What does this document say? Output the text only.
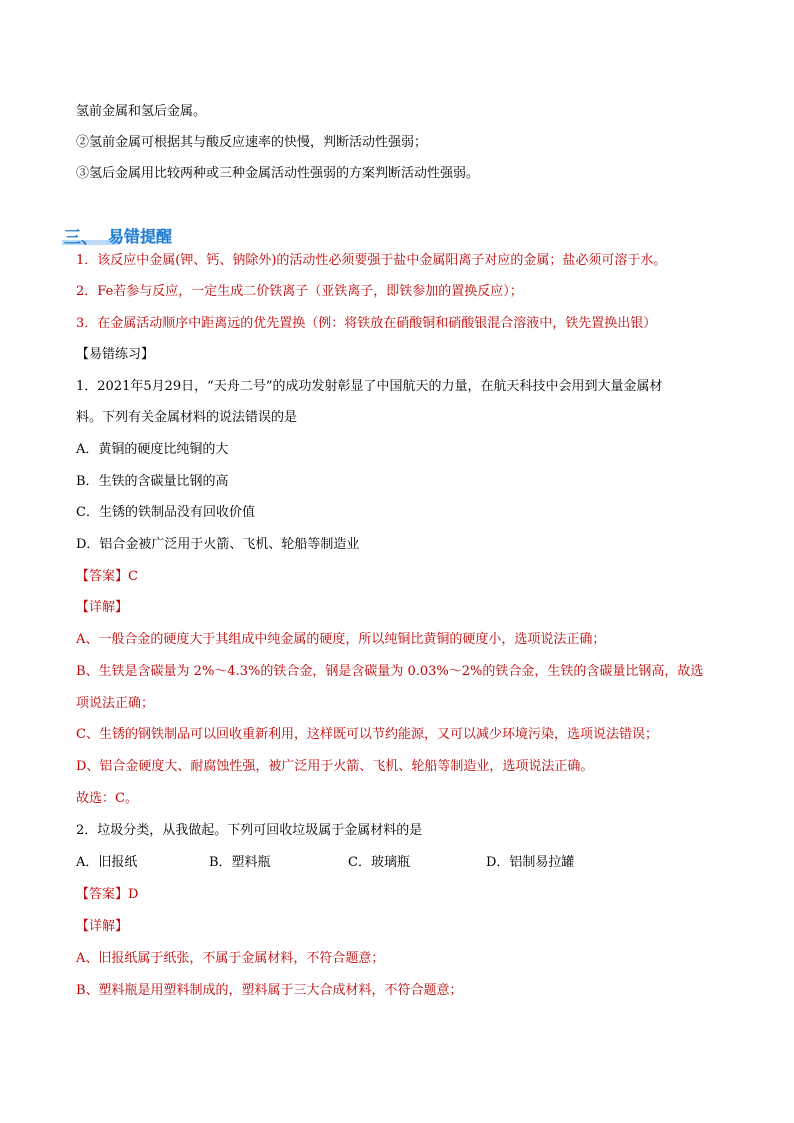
氢前金属和氢后金属。
②氢前金属可根据其与酸反应速率的快慢，判断活动性强弱；
③氢后金属用比较两种或三种金属活动性强弱的方案判断活动性强弱。
三、 易错提醒
1．该反应中金属(钾、钙、钠除外)的活动性必须要强于盐中金属阳离子对应的金属；盐必须可溶于水。
2．Fe若参与反应，一定生成二价铁离子（亚铁离子，即铁参加的置换反应）；
3．在金属活动顺序中距离远的优先置换（例：将铁放在硝酸铜和硝酸银混合溶液中，铁先置换出银）
【易错练习】
1．2021年5月29日，“天舟二号”的成功发射彰显了中国航天的力量，在航天科技中会用到大量金属材
料。下列有关金属材料的说法错误的是
A．黄铜的硬度比纯铜的大
B．生铁的含碳量比钢的高
C．生锈的铁制品没有回收价值
D．铝合金被广泛用于火箭、飞机、轮船等制造业
【答案】C
【详解】
A、一般合金的硬度大于其组成中纯金属的硬度，所以纯铜比黄铜的硬度小，选项说法正确；
B、生铁是含碳量为 2%～4.3%的铁合金，钢是含碳量为 0.03%～2%的铁合金，生铁的含碳量比钢高，故选
项说法正确；
C、生锈的钢铁制品可以回收重新利用，这样既可以节约能源，又可以减少环境污染，选项说法错误；
D、铝合金硬度大、耐腐蚀性强，被广泛用于火箭、飞机、轮船等制造业，选项说法正确。
故选：C。
2．垃圾分类，从我做起。下列可回收垃圾属于金属材料的是
A．旧报纸	B．塑料瓶	C．玻璃瓶	D．铝制易拉罐
【答案】D
【详解】
A、旧报纸属于纸张，不属于金属材料，不符合题意；
B、塑料瓶是用塑料制成的，塑料属于三大合成材料，不符合题意；
